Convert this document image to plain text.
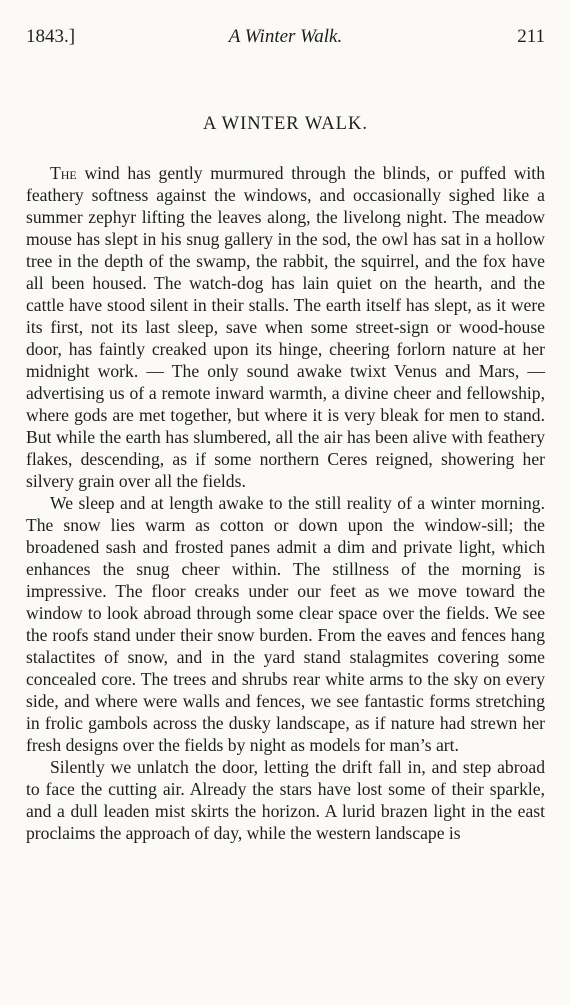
1843.]	A Winter Walk.	211
A WINTER WALK.

The wind has gently murmured through the blinds, or puffed with feathery softness against the windows, and occasionally sighed like a summer zephyr lifting the leaves along, the livelong night. The meadow mouse has slept in his snug gallery in the sod, the owl has sat in a hollow tree in the depth of the swamp, the rabbit, the squirrel, and the fox have all been housed. The watch-dog has lain quiet on the hearth, and the cattle have stood silent in their stalls. The earth itself has slept, as it were its first, not its last sleep, save when some street-sign or wood-house door, has faintly creaked upon its hinge, cheering forlorn nature at her midnight work. — The only sound awake twixt Venus and Mars, — advertising us of a remote inward warmth, a divine cheer and fellowship, where gods are met together, but where it is very bleak for men to stand. But while the earth has slumbered, all the air has been alive with feathery flakes, descending, as if some northern Ceres reigned, showering her silvery grain over all the fields.

We sleep and at length awake to the still reality of a winter morning. The snow lies warm as cotton or down upon the window-sill; the broadened sash and frosted panes admit a dim and private light, which enhances the snug cheer within. The stillness of the morning is impressive. The floor creaks under our feet as we move toward the window to look abroad through some clear space over the fields. We see the roofs stand under their snow burden. From the eaves and fences hang stalactites of snow, and in the yard stand stalagmites covering some concealed core. The trees and shrubs rear white arms to the sky on every side, and where were walls and fences, we see fantastic forms stretching in frolic gambols across the dusky landscape, as if nature had strewn her fresh designs over the fields by night as models for man’s art.

Silently we unlatch the door, letting the drift fall in, and step abroad to face the cutting air. Already the stars have lost some of their sparkle, and a dull leaden mist skirts the horizon. A lurid brazen light in the east proclaims the approach of day, while the western landscape is
